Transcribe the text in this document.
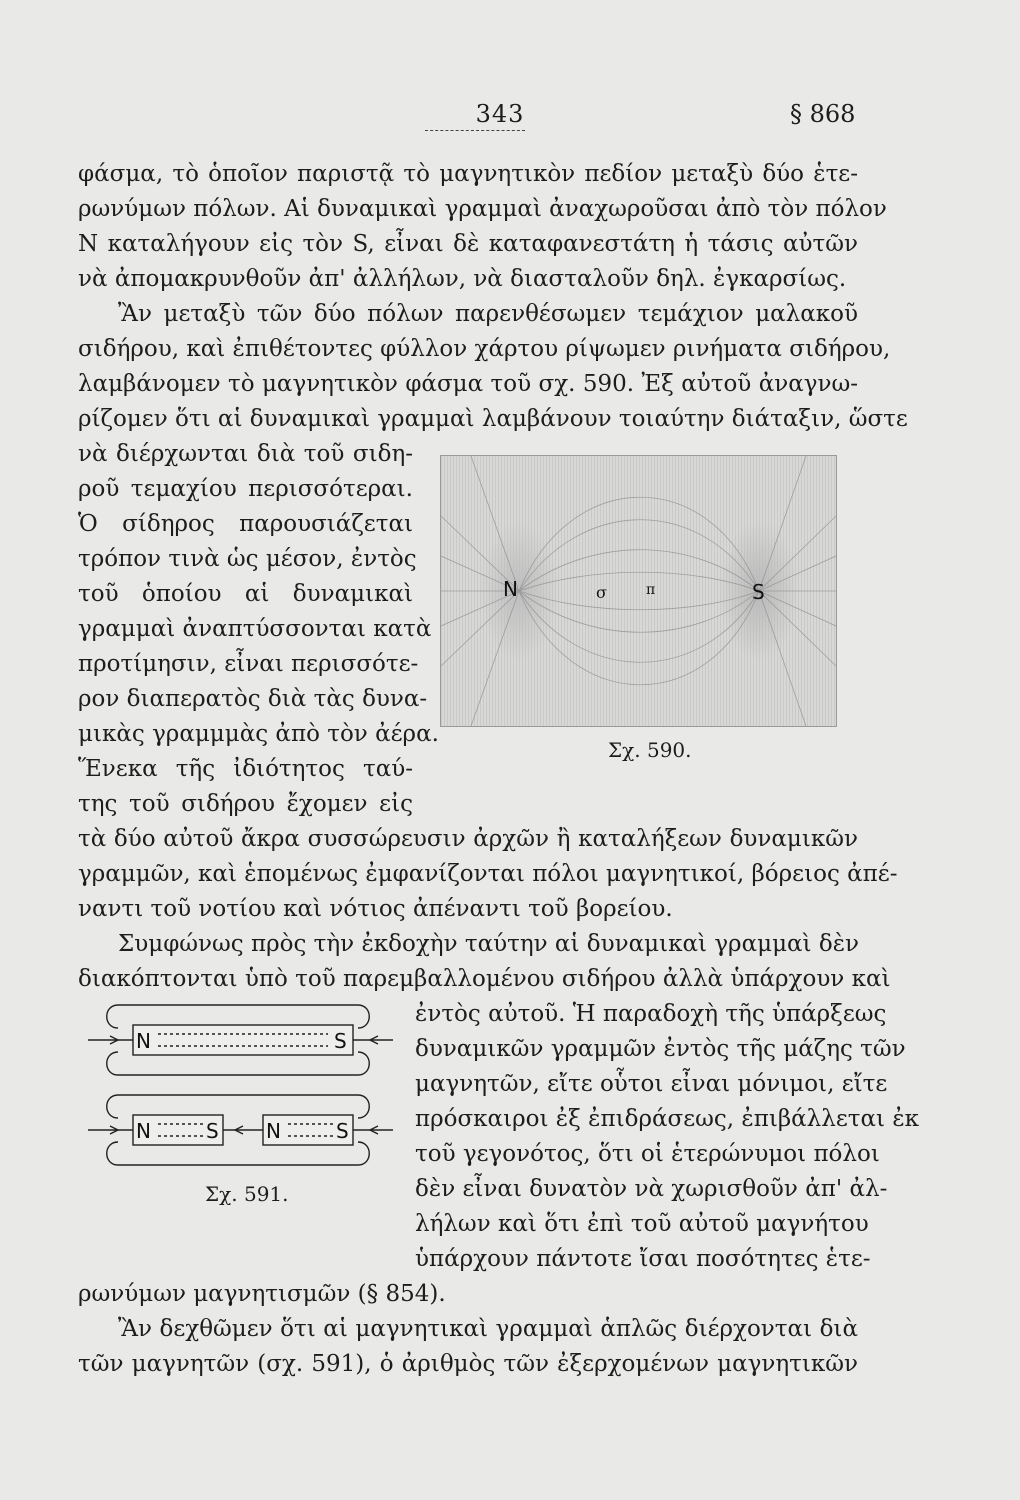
343	§ 868
φάσμα, τὸ ὁποῖον παριστᾷ τὸ μαγνητικὸν πεδίον μεταξὺ δύο ἑτε-
ρωνύμων πόλων. Αἱ δυναμικαὶ γραμμαὶ ἀναχωροῦσαι ἀπὸ τὸν πόλον
N καταλήγουν εἰς τὸν S, εἶναι δὲ καταφανεστάτη ἡ τάσις αὐτῶν
νὰ ἀπομακρυνθοῦν ἀπ' ἀλλήλων, νὰ διασταλοῦν δηλ. ἐγκαρσίως.
Ἂν μεταξὺ τῶν δύο πόλων παρενθέσωμεν τεμάχιον μαλακοῦ
σιδήρου, καὶ ἐπιθέτοντες φύλλον χάρτου ρίψωμεν ρινήματα σιδήρου,
λαμβάνομεν τὸ μαγνητικὸν φάσμα τοῦ σχ. 590. Ἐξ αὐτοῦ ἀναγνω-
ρίζομεν ὅτι αἱ δυναμικαὶ γραμμαὶ λαμβάνουν τοιαύτην διάταξιν, ὥστε
νὰ διέρχωνται διὰ τοῦ σιδη-
ροῦ τεμαχίου περισσότεραι.
Ὁ σίδηρος παρουσιάζεται
τρόπον τινὰ ὡς μέσον, ἐντὸς
τοῦ ὁποίου αἱ δυναμικαὶ
γραμμαὶ ἀναπτύσσονται κατὰ
προτίμησιν, εἶναι περισσότε-
ρον διαπερατὸς διὰ τὰς δυνα-
μικὰς γραμμμὰς ἀπὸ τὸν ἀέρα.
Ἕνεκα τῆς ἰδιότητος ταύ-
της τοῦ σιδήρου ἔχομεν εἰς
N	σ	π	S
Σχ. 590.
τὰ δύο αὐτοῦ ἄκρα συσσώρευσιν ἀρχῶν ἢ καταλήξεων δυναμικῶν
γραμμῶν, καὶ ἑπομένως ἐμφανίζονται πόλοι μαγνητικοί, βόρειος ἀπέ-
ναντι τοῦ νοτίου καὶ νότιος ἀπέναντι τοῦ βορείου.
Συμφώνως πρὸς τὴν ἐκδοχὴν ταύτην αἱ δυναμικαὶ γραμμαὶ δὲν
διακόπτονται ὑπὸ τοῦ παρεμβαλλομένου σιδήρου ἀλλὰ ὑπάρχουν καὶ
ἐντὸς αὐτοῦ. Ἡ παραδοχὴ τῆς ὑπάρξεως
δυναμικῶν γραμμῶν ἐντὸς τῆς μάζης τῶν
μαγνητῶν, εἴτε οὗτοι εἶναι μόνιμοι, εἴτε
πρόσκαιροι ἐξ ἐπιδράσεως, ἐπιβάλλεται ἐκ
τοῦ γεγονότος, ὅτι οἱ ἑτερώνυμοι πόλοι
δὲν εἶναι δυνατὸν νὰ χωρισθοῦν ἀπ' ἀλ-
λήλων καὶ ὅτι ἐπὶ τοῦ αὐτοῦ μαγνήτου
ὑπάρχουν πάντοτε ἴσαι ποσότητες ἑτε-
ρωνύμων μαγνητισμῶν (§ 854).
Ἂν δεχθῶμεν ὅτι αἱ μαγνητικαὶ γραμμαὶ ἁπλῶς διέρχονται διὰ
τῶν μαγνητῶν (σχ. 591), ὁ ἀριθμὸς τῶν ἐξερχομένων μαγνητικῶν
N	S
N	S N	S
Σχ. 591.
